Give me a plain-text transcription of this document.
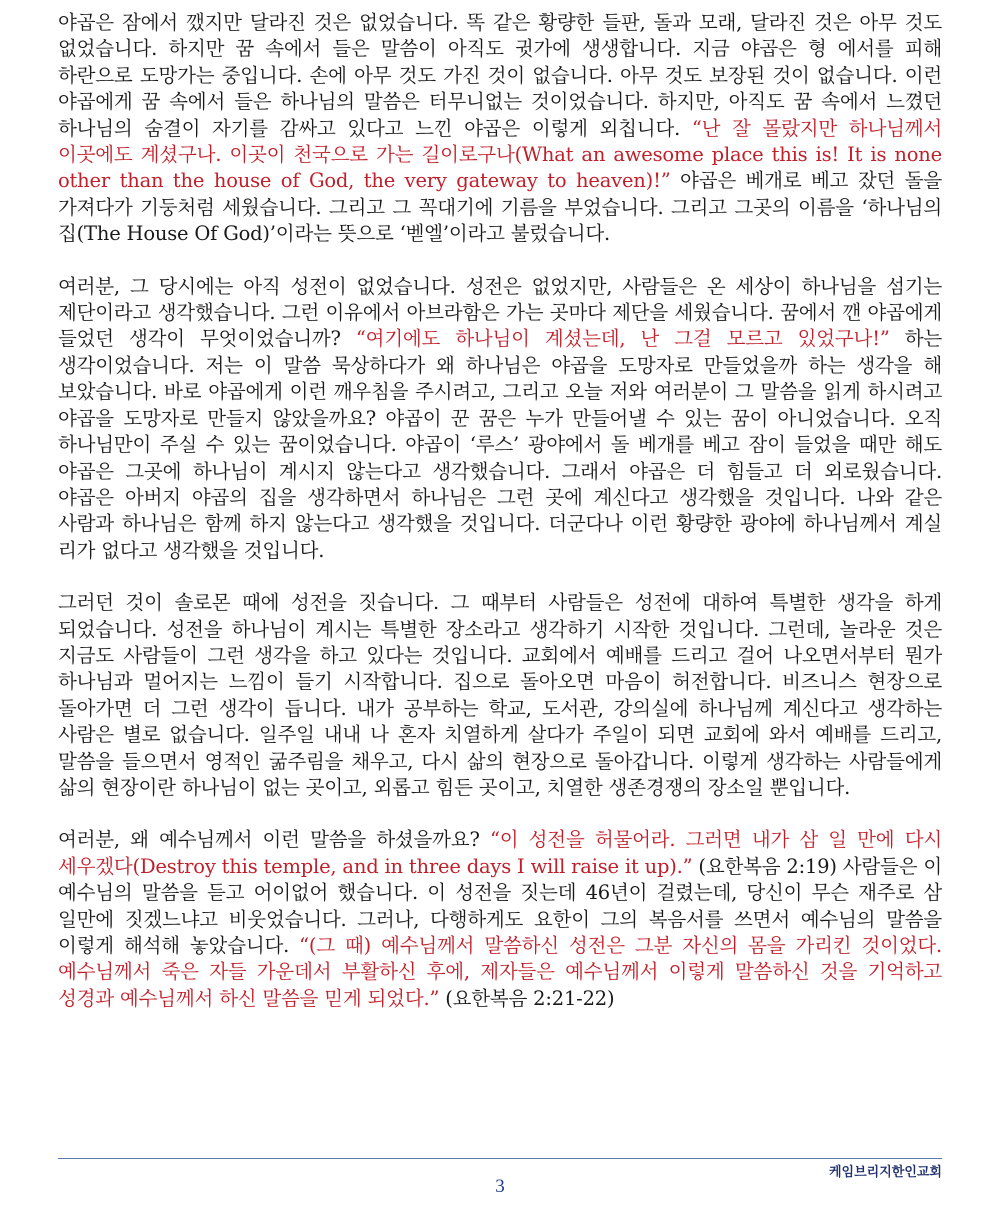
야곱은 잠에서 깼지만 달라진 것은 없었습니다. 똑 같은 황량한 들판, 돌과 모래, 달라진 것은 아무 것도 없었습니다. 하지만 꿈 속에서 들은 말씀이 아직도 귓가에 생생합니다. 지금 야곱은 형 에서를 피해 하란으로 도망가는 중입니다. 손에 아무 것도 가진 것이 없습니다. 아무 것도 보장된 것이 없습니다. 이런 야곱에게 꿈 속에서 들은 하나님의 말씀은 터무니없는 것이었습니다. 하지만, 아직도 꿈 속에서 느꼈던 하나님의 숨결이 자기를 감싸고 있다고 느낀 야곱은 이렇게 외칩니다. “난 잘 몰랐지만 하나님께서 이곳에도 계셨구나. 이곳이 천국으로 가는 길이로구나(What an awesome place this is! It is none other than the house of God, the very gateway to heaven)!” 야곱은 베개로 베고 잤던 돌을 가져다가 기둥처럼 세웠습니다. 그리고 그 꼭대기에 기름을 부었습니다. 그리고 그곳의 이름을 ‘하나님의 집(The House Of God)’이라는 뜻으로 ‘벧엘’이라고 불렀습니다.

여러분, 그 당시에는 아직 성전이 없었습니다. 성전은 없었지만, 사람들은 온 세상이 하나님을 섬기는 제단이라고 생각했습니다. 그런 이유에서 아브라함은 가는 곳마다 제단을 세웠습니다. 꿈에서 깬 야곱에게 들었던 생각이 무엇이었습니까? “여기에도 하나님이 계셨는데, 난 그걸 모르고 있었구나!” 하는 생각이었습니다. 저는 이 말씀 묵상하다가 왜 하나님은 야곱을 도망자로 만들었을까 하는 생각을 해 보았습니다. 바로 야곱에게 이런 깨우침을 주시려고, 그리고 오늘 저와 여러분이 그 말씀을 읽게 하시려고 야곱을 도망자로 만들지 않았을까요? 야곱이 꾼 꿈은 누가 만들어낼 수 있는 꿈이 아니었습니다. 오직 하나님만이 주실 수 있는 꿈이었습니다. 야곱이 ‘루스’ 광야에서 돌 베개를 베고 잠이 들었을 때만 해도 야곱은 그곳에 하나님이 계시지 않는다고 생각했습니다. 그래서 야곱은 더 힘들고 더 외로웠습니다. 야곱은 아버지 야곱의 집을 생각하면서 하나님은 그런 곳에 계신다고 생각했을 것입니다. 나와 같은 사람과 하나님은 함께 하지 않는다고 생각했을 것입니다. 더군다나 이런 황량한 광야에 하나님께서 계실 리가 없다고 생각했을 것입니다.

그러던 것이 솔로몬 때에 성전을 짓습니다. 그 때부터 사람들은 성전에 대하여 특별한 생각을 하게 되었습니다. 성전을 하나님이 계시는 특별한 장소라고 생각하기 시작한 것입니다. 그런데, 놀라운 것은 지금도 사람들이 그런 생각을 하고 있다는 것입니다. 교회에서 예배를 드리고 걸어 나오면서부터 뭔가 하나님과 멀어지는 느낌이 들기 시작합니다. 집으로 돌아오면 마음이 허전합니다. 비즈니스 현장으로 돌아가면 더 그런 생각이 듭니다. 내가 공부하는 학교, 도서관, 강의실에 하나님께 계신다고 생각하는 사람은 별로 없습니다. 일주일 내내 나 혼자 치열하게 살다가 주일이 되면 교회에 와서 예배를 드리고, 말씀을 들으면서 영적인 굶주림을 채우고, 다시 삶의 현장으로 돌아갑니다. 이렇게 생각하는 사람들에게 삶의 현장이란 하나님이 없는 곳이고, 외롭고 힘든 곳이고, 치열한 생존경쟁의 장소일 뿐입니다.

여러분, 왜 예수님께서 이런 말씀을 하셨을까요? “이 성전을 허물어라. 그러면 내가 삼 일 만에 다시 세우겠다(Destroy this temple, and in three days I will raise it up).” (요한복음 2:19) 사람들은 이 예수님의 말씀을 듣고 어이없어 했습니다. 이 성전을 짓는데 46년이 걸렸는데, 당신이 무슨 재주로 삼 일만에 짓겠느냐고 비웃었습니다. 그러나, 다행하게도 요한이 그의 복음서를 쓰면서 예수님의 말씀을 이렇게 해석해 놓았습니다. “(그 때) 예수님께서 말씀하신 성전은 그분 자신의 몸을 가리킨 것이었다. 예수님께서 죽은 자들 가운데서 부활하신 후에, 제자들은 예수님께서 이렇게 말씀하신 것을 기억하고 성경과 예수님께서 하신 말씀을 믿게 되었다.” (요한복음 2:21-22)

케임브리지한인교회
3
